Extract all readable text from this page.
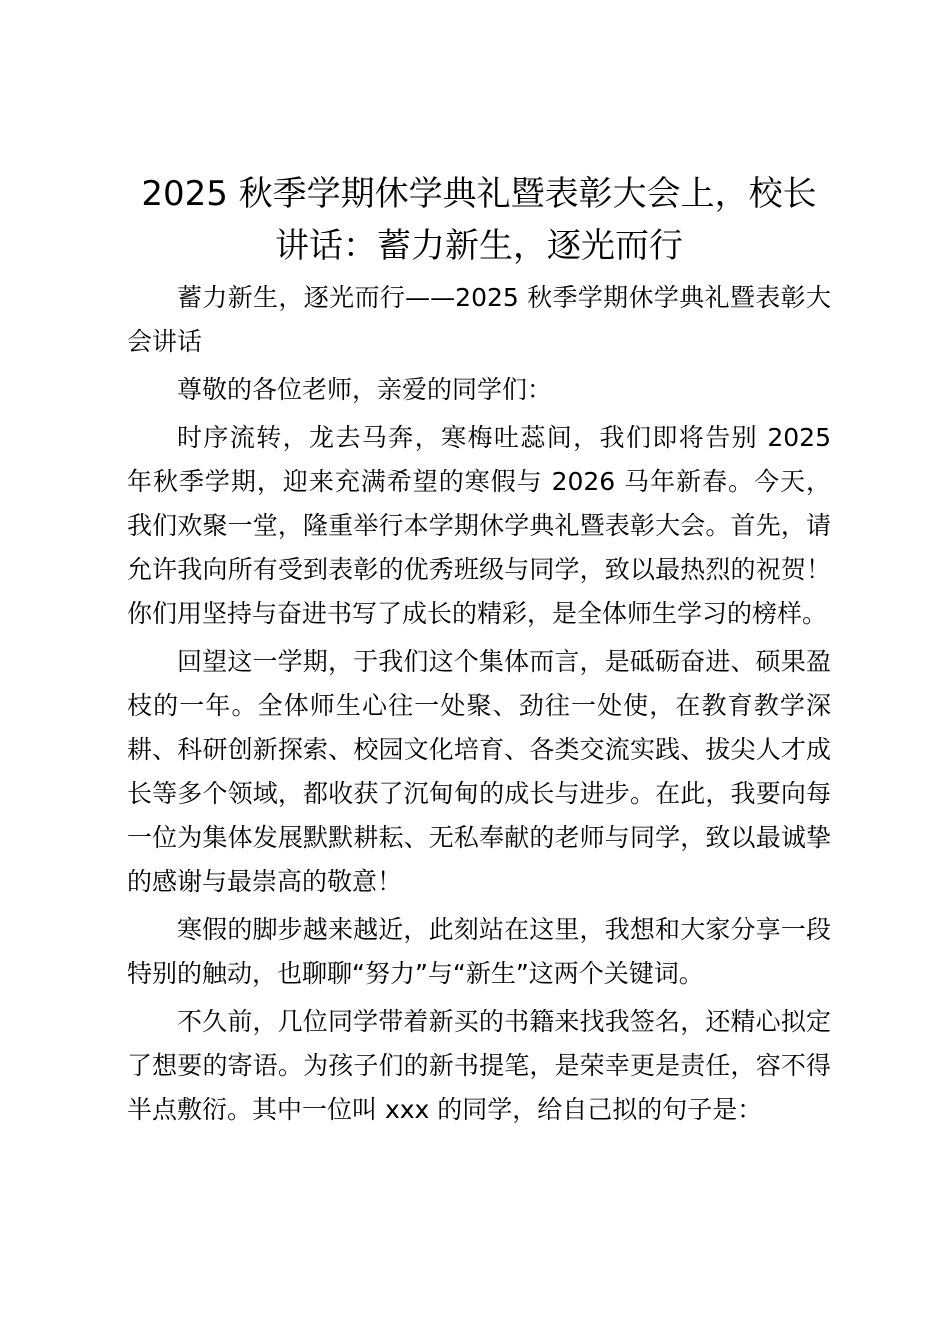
2025 秋季学期休学典礼暨表彰大会上，校长
讲话：蓄力新生，逐光而行

蓄力新生，逐光而行——2025 秋季学期休学典礼暨表彰大会讲话

尊敬的各位老师，亲爱的同学们：

时序流转，龙去马奔，寒梅吐蕊间，我们即将告别 2025 年秋季学期，迎来充满希望的寒假与 2026 马年新春。今天，我们欢聚一堂，隆重举行本学期休学典礼暨表彰大会。首先，请允许我向所有受到表彰的优秀班级与同学，致以最热烈的祝贺！你们用坚持与奋进书写了成长的精彩，是全体师生学习的榜样。

回望这一学期，于我们这个集体而言，是砥砺奋进、硕果盈枝的一年。全体师生心往一处聚、劲往一处使，在教育教学深耕、科研创新探索、校园文化培育、各类交流实践、拔尖人才成长等多个领域，都收获了沉甸甸的成长与进步。在此，我要向每一位为集体发展默默耕耘、无私奉献的老师与同学，致以最诚挚的感谢与最崇高的敬意！

寒假的脚步越来越近，此刻站在这里，我想和大家分享一段特别的触动，也聊聊“努力”与“新生”这两个关键词。

不久前，几位同学带着新买的书籍来找我签名，还精心拟定了想要的寄语。为孩子们的新书提笔，是荣幸更是责任，容不得半点敷衍。其中一位叫 xxx 的同学，给自己拟的句子是：
